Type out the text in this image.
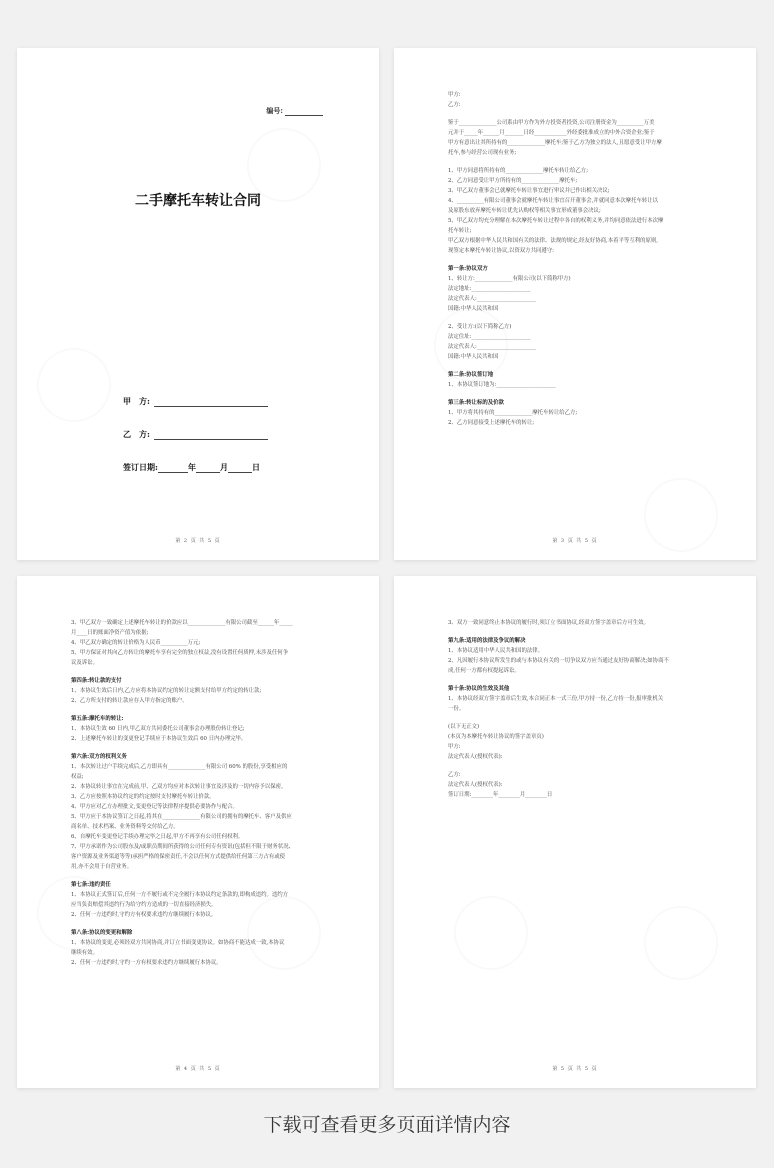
编号:
二手摩托车转让合同
甲　方:
乙　方:
签订日期:	年	月	日
第 2 页 共 5 页
甲方:
乙方:
鉴于______________公司系由甲方作为外方投资者投资,公司注册资金为__________万美
元并于_____年______月_______日经____________外经委批准成立的中外合资企业;鉴于
甲方有意出让其所持有的______________摩托车;鉴于乙方为独立的法人,且愿意受让甲方摩
托车,参与经营公司现有业务;
1、甲方同意将所持有的______________摩托车转让给乙方;
2、乙方同意受让甲方所持有的______________摩托车;
3、甲乙双方董事会已就摩托车转让事宜进行审议并已作出相关决议;
4、__________有限公司董事会就摩托车转让事宜召开董事会,并就同意本次摩托车转让以
及原股东放弃摩托车转让优先认购权等相关事宜形成董事会决议;
5、甲乙双方均充分理解在本次摩托车转让过程中各自的权利义务,并均同意依法进行本次摩
托车转让;
甲乙双方根据中华人民共和国有关的法律、法规的规定,经友好协商,本着平等互利的原则,
现签定本摩托车转让协议,以资双方共同遵守:
第一条:协议双方
1、转让方:______________有限公司(以下简称甲方)
法定地址:______________________
法定代表人:______________________
国籍:中华人民共和国
2、受让方:(以下简称乙方)
法定住址:______________________
法定代表人:______________________
国籍:中华人民共和国
第二条:协议签订地
1、本协议签订地为:______________________
第三条:转让标的及价款
1、甲方将其持有的______________摩托车转让给乙方;
2、乙方同意接受上述摩托车的转让;
第 3 页 共 5 页
3、甲乙双方一致确定上述摩托车转让的价款应以______________有限公司截至______年_____
月____日的账面净资产值为依据;
4、甲乙双方确定的转让价格为人民币__________万元;
5、甲方保证对其向乙方转让的摩托车享有完全的独立权益,没有设置任何质押,未涉及任何争
议及诉讼。
第四条:转让款的支付
1、本协议生效后日内,乙方应将本协议约定的转让定额支付给甲方约定的转让款;
2、乙方所支付的转让款应存入甲方指定的账户。
第五条:摩托车的转让:
1、本协议生效 60 日内,甲乙双方共同委托公司董事会办理股份转让登记;
2、上述摩托车转让的变更登记手续应于本协议生效后 60 日内办理完毕。
第六条:双方的权利义务
1、本次转让过户手续完成后,乙方即具有______________有限公司 60% 的股份,享受相应的
权益;
2、本协议转让事宜在完成前,甲、乙双方均应对本次转让事宜及涉及的一切内容予以保密。
3、乙方应按照本协议约定的约定按时支付摩托车转让价款。
4、甲方应对乙方办理批文,变更登记等法律程序提供必要协作与配合。
5、甲方应于本协议签订之日起,将其在______________有限公司的拥有的摩托车、客户及供应
商名单、技术档案、业务资料等交付给乙方。
6、自摩托车变更登记手续办理完毕之日起,甲方不再享有公司任何权利。
7、甲方承诺作为公司股东及/或职员期间所获得的公司任何专有资讯(包括但不限于财务状况、
客户资源及业务渠道等等)承担严格的保密责任,不会以任何方式提供给任何第三方占有或使
用,亦不会用于自营业务。
第七条:违约责任
1、本协议正式签订后,任何一方不履行或不完全履行本协议约定条款的,即构成违约。违约方
应当负责赔偿其违约行为给守约方造成的一切直接经济损失。
2、任何一方违约时,守约方有权要求违约方继续履行本协议。
第八条:协议的变更和解除
1、本协议的变更,必须经双方共同协商,并订立书面变更协议。如协商不能达成一致,本协议
继续有效。
2、任何一方违约时,守约一方有权要求违约方继续履行本协议。
第 4 页 共 5 页
3、双方一致同意终止本协议的履行时,须订立书面协议,经双方签字盖章后方可生效。
第九条:适用的法律及争议的解决
1、本协议适用中华人民共和国的法律。
2、凡因履行本协议所发生的或与本协议有关的一切争议双方应当通过友好协商解决;如协商不
成,任何一方都有权提起诉讼。
第十条:协议的生效及其他
1、本协议经双方签字盖章后生效,本合同正本一式三份,甲方持一份,乙方持一份,报审批机关
一份。
(以下无正文)
(本页为本摩托车转让协议的签字盖章页)
甲方:
法定代表人(授权代表):
乙方:
法定代表人(授权代表):
签订日期:________年________月________日
第 5 页 共 5 页
下载可查看更多页面详情内容
